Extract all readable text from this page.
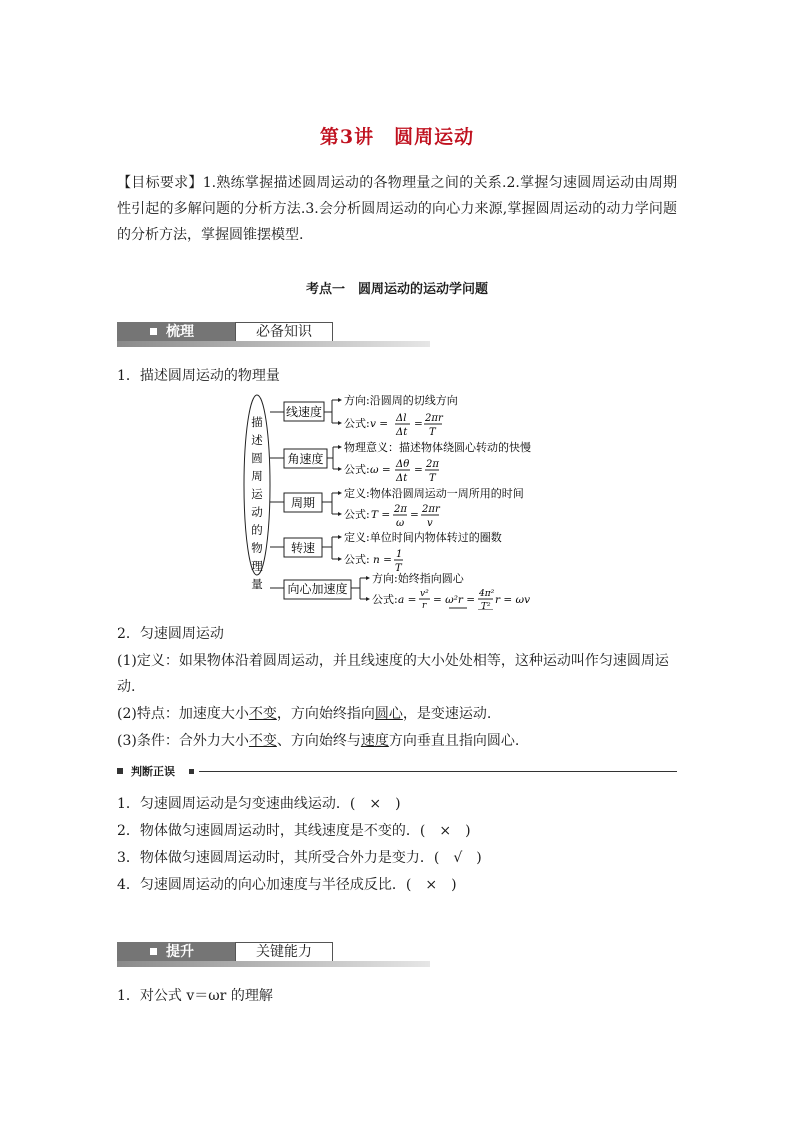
第3讲　圆周运动
【目标要求】1.熟练掌握描述圆周运动的各物理量之间的关系.2.掌握匀速圆周运动由周期性引起的多解问题的分析方法.3.会分析圆周运动的向心力来源,掌握圆周运动的动力学问题的分析方法，掌握圆锥摆模型.
考点一　圆周运动的运动学问题
梳理	必备知识
1．描述圆周运动的物理量
描述圆周运动的物理量
线速度
角速度
周期
转速
向心加速度
方向:沿圆周的切线方向
公式:
物理意义：描述物体绕圆心转动的快慢
公式:
定义:物体沿圆周运动一周所用的时间
公式:
定义:单位时间内物体转过的圈数
公式:
方向:始终指向圆心
公式:
v = Δl
Δt
= 2πr
T
ω = Δθ
Δt
= 2π
T
T = 2π
ω
= 2πr
v
n = 1
T
a = v²
r = ω²r = 4π²
T²
r = ωv
2．匀速圆周运动
(1)定义：如果物体沿着圆周运动，并且线速度的大小处处相等，这种运动叫作匀速圆周运
动.
(2)特点：加速度大小不变，方向始终指向圆心，是变速运动.
(3)条件：合外力大小不变、方向始终与速度方向垂直且指向圆心.
判断正误
1．匀速圆周运动是匀变速曲线运动．(　×　)
2．物体做匀速圆周运动时，其线速度是不变的．(　×　)
3．物体做匀速圆周运动时，其所受合外力是变力．(　√　)
4．匀速圆周运动的向心加速度与半径成反比．(　×　)
提升	关键能力
1．对公式 v＝ωr 的理解
